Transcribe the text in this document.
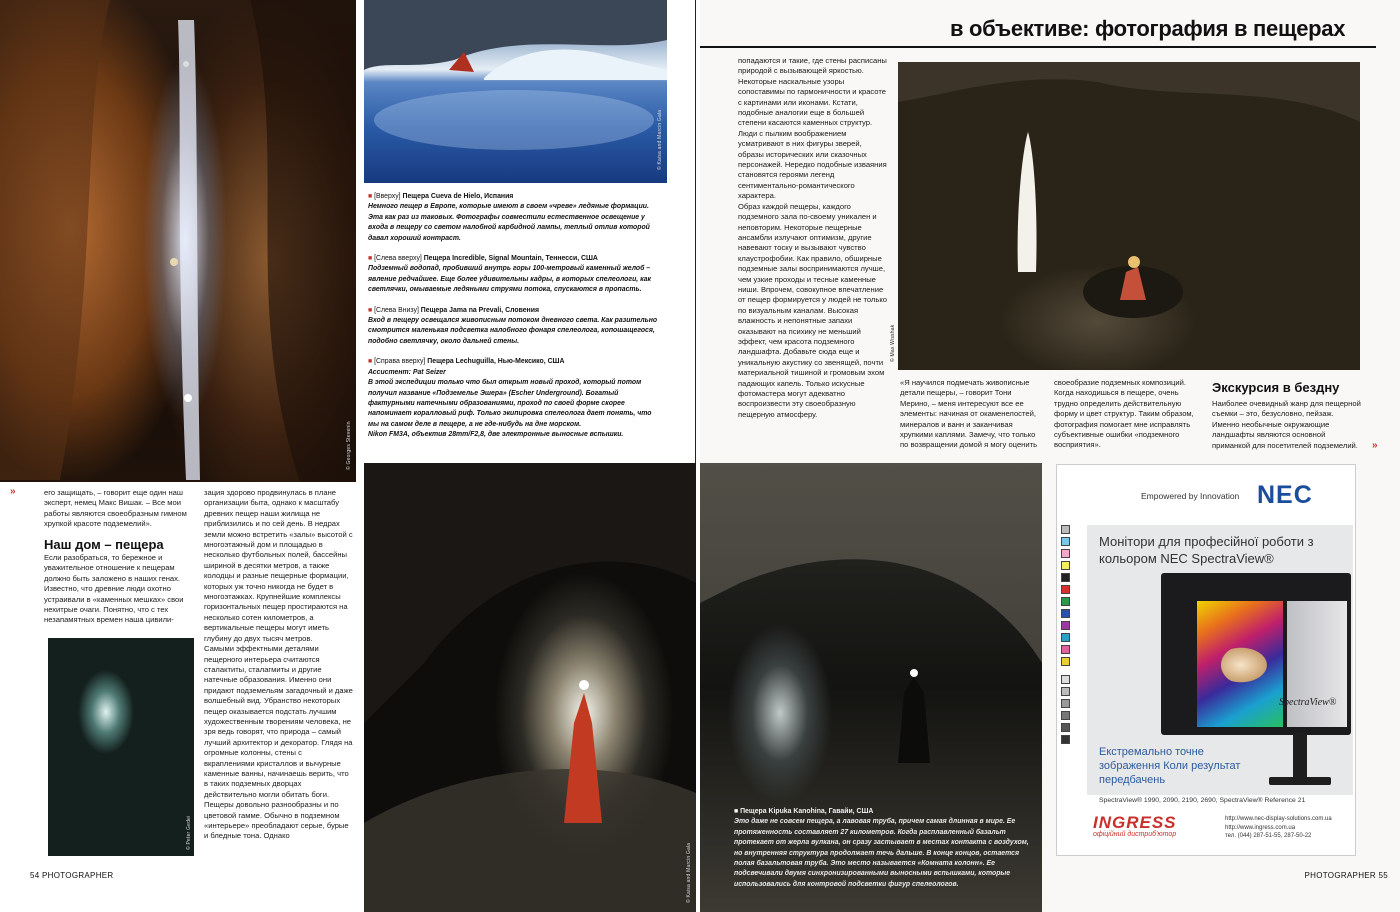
© Georges Stevenin
© Kaisa and Marcin Gala
■ [Вверху] Пещера Cueva de Hielo, Испания
Немного пещер в Европе, которые имеют в своем «чреве» ледяные формации. Эта как раз из таковых. Фотографы совместили естественное освещение у входа в пещеру со светом налобной карбидной лампы, теплый отлив которой давал хороший контраст.
■ [Слева вверху] Пещера Incredible, Signal Mountain, Теннесси, США
Подземный водопад, пробивший внутрь горы 100-метровый каменный желоб – явление редчайшее. Еще более удивительны кадры, в которых спелеологи, как светлячки, омываемые ледяными струями потока, спускаются в пропасть.
■ [Слева Внизу] Пещера Jama na Prevali, Словения
Вход в пещеру освещался живописным потоком дневного света. Как разительно смотрится маленькая подсветка налобного фонаря спелеолога, копошащегося, подобно светлячку, около дальней стены.
■ [Справа вверху] Пещера Lechuguilla, Нью-Мексико, США
Ассистент: Pat Seizer
В этой экспедиции только что был открыт новый проход, который потом получил название «Подземелье Эшера» (Escher Underground). Богатый фактурными натечными образованиями, проход по своей форме скорее напоминает коралловый риф. Только экипировка спелеолога дает понять, что мы на самом деле в пещере, а не где-нибудь на дне морском.
Nikon FM3A, объектив 28mm/F2,8, две электронные выносные вспышки.
© Kaisa and Marcin Gala
»	его защищать, – говорит еще один наш эксперт, немец Макс Вишак. – Все мои работы являются своеобразным гимном хрупкой красоте подземелий».
Наш дом – пещера
Если разобраться, то бережное и уважительное отношение к пещерам должно быть заложено в наших генах. Известно, что древние люди охотно устраивали в «каменных мешках» свои нехитрые очаги. Понятно, что с тех незапамятных времен наша цивили-
© Peter Gedei
зация здорово продвинулась в плане организации быта, однако к масштабу древних пещер наши жилища не приблизились и по сей день. В недрах земли можно встретить «залы» высотой с многоэтажный дом и площадью в несколько футбольных полей, бассейны шириной в десятки метров, а также колодцы и разные пещерные формации, которых уж точно никогда не будет в многоэтажках. Крупнейшие комплексы горизонтальных пещер простираются на несколько сотен километров, а вертикальные пещеры могут иметь глубину до двух тысяч метров.
Самыми эффектными деталями пещерного интерьера считаются сталактиты, сталагмиты и другие натечные образования. Именно они придают подземельям загадочный и даже волшебный вид. Убранство некоторых пещер оказывается подстать лучшим художественным творениям человека, не зря ведь говорят, что природа – самый лучший архитектор и декоратор. Глядя на огромные колонны, стены с вкраплениями кристаллов и вычурные каменные ванны, начинаешь верить, что в таких подземных дворцах действительно могли обитать боги.
Пещеры довольно разнообразны и по цветовой гамме. Обычно в подземном «интерьере» преобладают серые, бурые и бледные тона. Однако
54 PHOTOGRAPHER
в объективе: фотография в пещерах
попадаются и такие, где стены расписаны природой с вызывающей яркостью. Некоторые наскальные узоры сопоставимы по гармоничности и красоте с картинами или иконами. Кстати, подобные аналогии еще в большей степени касаются каменных структур. Люди с пылким воображением усматривают в них фигуры зверей, образы исторических или сказочных персонажей. Нередко подобные изваяния становятся героями легенд сентиментально-романтического характера.
Образ каждой пещеры, каждого подземного зала по-своему уникален и неповторим. Некоторые пещерные ансамбли излучают оптимизм, другие навевают тоску и вызывают чувство клаустрофобии. Как правило, обширные подземные залы воспринимаются лучше, чем узкие проходы и тесные каменные ниши. Впрочем, совокупное впечатление от пещер формируется у людей не только по визуальным каналам. Высокая влажность и непонятные запахи оказывают на психику не меньший эффект, чем красота подземного ландшафта. Добавьте сюда еще и уникальную акустику со звенящей, почти материальной тишиной и громовым эхом падающих капель. Только искусные фотомастера могут адекватно воспроизвести эту своеобразную пещерную атмосферу.
© Max Wisshak
«Я научился подмечать живописные детали пещеры, – говорит Тони Мерино, – меня интересуют все ее элементы: начиная от окаменелостей, минералов и ванн и заканчивая хрупкими каплями. Замечу, что только по возвращении домой я могу оценить
своеобразие подземных композиций. Когда находишься в пещере, очень трудно определить действительную форму и цвет структур. Таким образом, фотография помогает мне исправлять субъективные ошибки «подземного восприятия».
Экскурсия в бездну
Наиболее очевидный жанр для пещерной съемки – это, безусловно, пейзаж. Именно необычные окружающие ландшафты являются основной приманкой для посетителей подземелий.	»
■ Пещера Kipuka Kanohina, Гавайи, США
Это даже не совсем пещера, а лавовая труба, причем самая длинная в мире. Ее протяженность составляет 27 километров. Когда расплавленный базальт протекает от жерла вулкана, он сразу застывает в местах контакта с воздухом, но внутренняя структура продолжает течь дальше. В конце концов, остается полая базальтовая труба. Это место называется «Комната колонн». Ее подсвечивали двумя синхронизированными выносными вспышками, которые использовались для контровой подсветки фигур спелеологов.
Empowered by Innovation NEC
Монітори для професійної роботи з кольором NEC SpectraView®
SpectraView®
Екстремально точне зображення Коли результат передбачень
SpectraView® 1990, 2090, 2190, 2690, SpectraView® Reference 21
INGRESS
офіційний дистриб'ютор
http://www.nec-display-solutions.com.ua
http://www.ingress.com.ua
тел. (044) 287-51-55, 287-50-22
PHOTOGRAPHER 55
